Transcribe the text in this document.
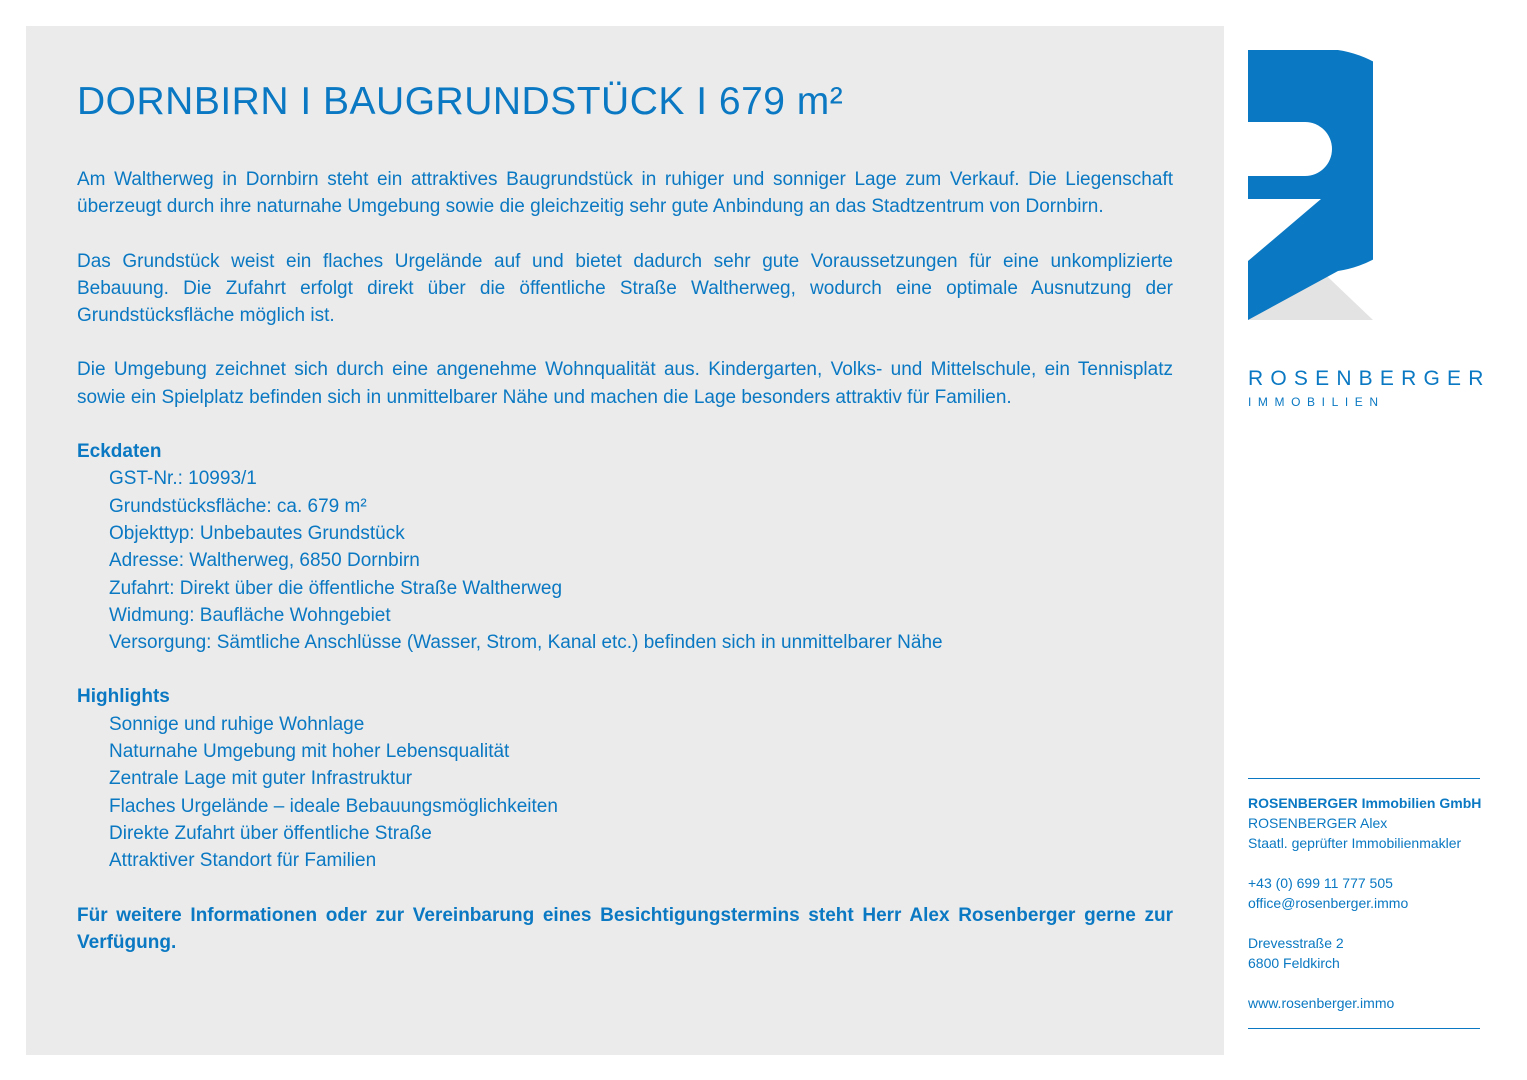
DORNBIRN I BAUGRUNDSTÜCK I 679 m²

Am Waltherweg in Dornbirn steht ein attraktives Baugrundstück in ruhiger und sonniger Lage zum Verkauf. Die Liegenschaft überzeugt durch ihre naturnahe Umgebung sowie die gleichzeitig sehr gute Anbindung an das Stadtzentrum von Dornbirn.

Das Grundstück weist ein flaches Urgelände auf und bietet dadurch sehr gute Voraussetzungen für eine unkomplizierte Bebauung. Die Zufahrt erfolgt direkt über die öffentliche Straße Waltherweg, wodurch eine optimale Ausnutzung der Grundstücksfläche möglich ist.

Die Umgebung zeichnet sich durch eine angenehme Wohnqualität aus. Kindergarten, Volks- und Mittelschule, ein Tennisplatz sowie ein Spielplatz befinden sich in unmittelbarer Nähe und machen die Lage besonders attraktiv für Familien.

Eckdaten
GST-Nr.: 10993/1
Grundstücksfläche: ca. 679 m²
Objekttyp: Unbebautes Grundstück
Adresse: Waltherweg, 6850 Dornbirn
Zufahrt: Direkt über die öffentliche Straße Waltherweg
Widmung: Baufläche Wohngebiet
Versorgung: Sämtliche Anschlüsse (Wasser, Strom, Kanal etc.) befinden sich in unmittelbarer Nähe
Highlights
Sonnige und ruhige Wohnlage
Naturnahe Umgebung mit hoher Lebensqualität
Zentrale Lage mit guter Infrastruktur
Flaches Urgelände – ideale Bebauungsmöglichkeiten
Direkte Zufahrt über öffentliche Straße
Attraktiver Standort für Familien
Für weitere Informationen oder zur Vereinbarung eines Besichtigungstermins steht Herr Alex Rosenberger gerne zur Verfügung.
ROSENBERGER
IMMOBILIEN
ROSENBERGER Immobilien GmbH
ROSENBERGER Alex
Staatl. geprüfter Immobilienmakler
+43 (0) 699 11 777 505
office@rosenberger.immo
Drevesstraße 2
6800 Feldkirch
www.rosenberger.immo
